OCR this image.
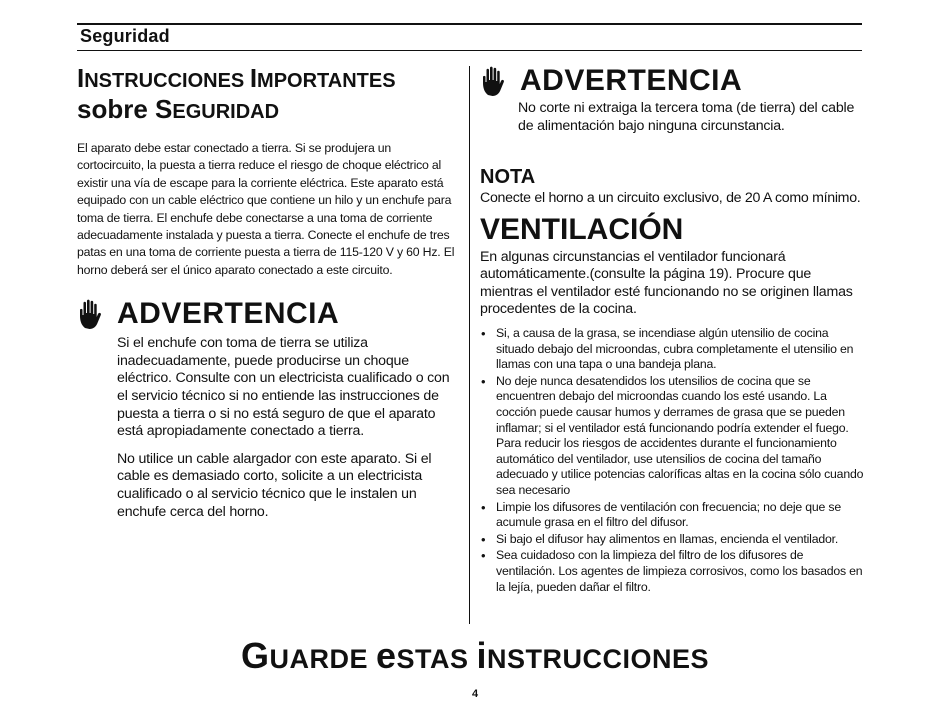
Seguridad
INSTRUCCIONES IMPORTANTES
sobre SEGURIDAD

El aparato debe estar conectado a tierra. Si se produjera un cortocircuito, la puesta a tierra reduce el riesgo de choque eléctrico al existir una vía de escape para la corriente eléctrica. Este aparato está equipado con un cable eléctrico que contiene un hilo y un enchufe para toma de tierra. El enchufe debe conectarse a una toma de corriente adecuadamente instalada y puesta a tierra. Conecte el enchufe de tres patas en una toma de corriente puesta a tierra de 115-120 V y 60 Hz. El horno deberá ser el único aparato conectado a este circuito.

ADVERTENCIA

Si el enchufe con toma de tierra se utiliza inadecuadamente, puede producirse un choque eléctrico. Consulte con un electricista cualificado o con el servicio técnico si no entiende las instrucciones de puesta a tierra o si no está seguro de que el aparato está apropiadamente conectado a tierra.

No utilice un cable alargador con este aparato. Si el cable es demasiado corto, solicite a un electricista cualificado o al servicio técnico que le instalen un enchufe cerca del horno.

ADVERTENCIA
No corte ni extraiga la tercera toma (de tierra) del cable de alimentación bajo ninguna circunstancia.
NOTA

Conecte el horno a un circuito exclusivo, de 20 A como mínimo.

VENTILACIÓN

En algunas circunstancias el ventilador funcionará automáticamente.(consulte la página 19). Procure que mientras el ventilador esté funcionando no se originen llamas procedentes de la cocina.

• Si, a causa de la grasa, se incendiase algún utensilio de cocina situado debajo del microondas, cubra completamente el utensilio en llamas con una tapa o una bandeja plana.
• No deje nunca desatendidos los utensilios de cocina que se encuentren debajo del microondas cuando los esté usando. La cocción puede causar humos y derrames de grasa que se pueden inflamar; si el ventilador está funcionando podría extender el fuego. Para reducir los riesgos de accidentes durante el funcionamiento automático del ventilador, use utensilios de cocina del tamaño adecuado y utilice potencias caloríficas altas en la cocina sólo cuando sea necesario
• Limpie los difusores de ventilación con frecuencia; no deje que se acumule grasa en el filtro del difusor.
• Si bajo el difusor hay alimentos en llamas, encienda el ventilador.
• Sea cuidadoso con la limpieza del filtro de los difusores de ventilación. Los agentes de limpieza corrosivos, como los basados en la lejía, pueden dañar el filtro.
GUARDE eSTAS iNSTRUCCIONES
4
